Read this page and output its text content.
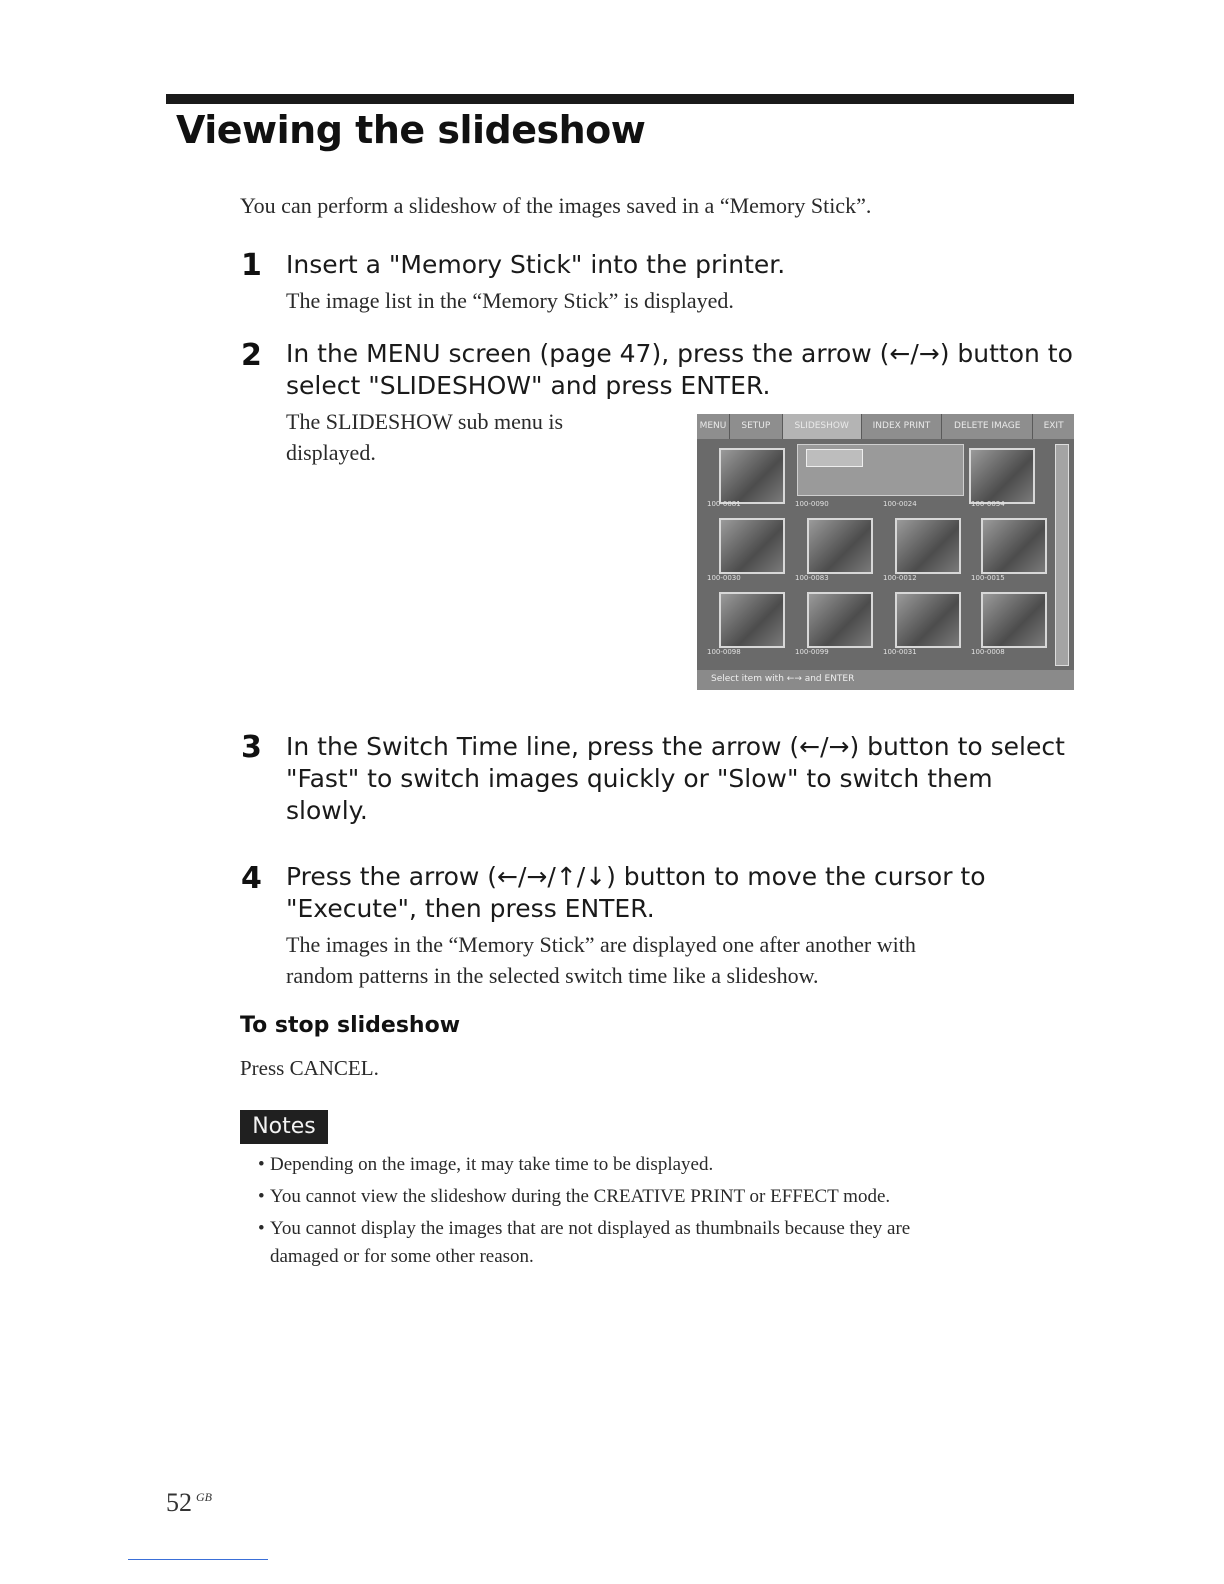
Viewing the slideshow
You can perform a slideshow of the images saved in a “Memory Stick”.
1 Insert a "Memory Stick" into the printer.
The image list in the “Memory Stick” is displayed.
2 In the MENU screen (page 47), press the arrow (←/→) button to
select "SLIDESHOW" and press ENTER.
The SLIDESHOW sub menu is
displayed.
MENU	SETUP	SLIDESHOW	INDEX PRINT	DELETE IMAGE	EXIT
100-0081	100-0090	100-0024	100-0034
100-0030	100-0083	100-0012	100-0015
100-0098	100-0099	100-0031	100-0008
Select item with ←→ and ENTER
3 In the Switch Time line, press the arrow (←/→) button to select
"Fast" to switch images quickly or "Slow" to switch them
slowly.
4 Press the arrow (←/→/↑/↓) button to move the cursor to
"Execute", then press ENTER.
The images in the “Memory Stick” are displayed one after another with
random patterns in the selected switch time like a slideshow.
To stop slideshow
Press CANCEL.
Notes
• Depending on the image, it may take time to be displayed.
• You cannot view the slideshow during the CREATIVE PRINT or EFFECT mode.
• You cannot display the images that are not displayed as thumbnails because they are
damaged or for some other reason.
52 $^{GB}$
